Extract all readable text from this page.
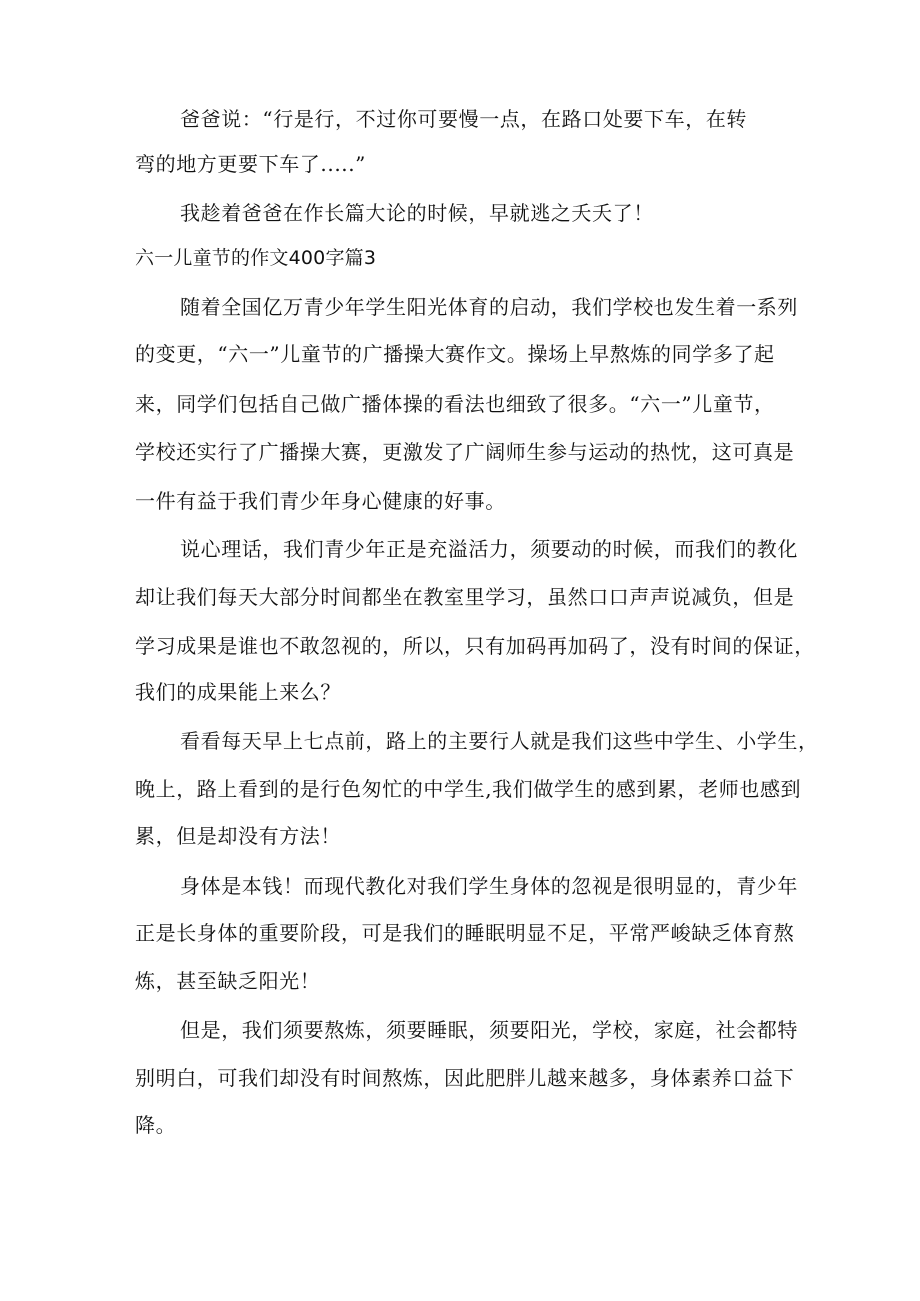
爸爸说：“行是行，不过你可要慢一点，在路口处要下车，在转
弯的地方更要下车了.....”
我趁着爸爸在作长篇大论的时候，早就逃之夭夭了！
六一儿童节的作文400字篇3
随着全国亿万青少年学生阳光体育的启动，我们学校也发生着一系列
的变更，“六一”儿童节的广播操大赛作文。操场上早熬炼的同学多了起
来，同学们包括自己做广播体操的看法也细致了很多。“六一”儿童节，
学校还实行了广播操大赛，更激发了广阔师生参与运动的热忱，这可真是
一件有益于我们青少年身心健康的好事。
说心理话，我们青少年正是充溢活力，须要动的时候，而我们的教化
却让我们每天大部分时间都坐在教室里学习，虽然口口声声说减负，但是
学习成果是谁也不敢忽视的，所以，只有加码再加码了，没有时间的保证，
我们的成果能上来么？
看看每天早上七点前，路上的主要行人就是我们这些中学生、小学生，
晚上，路上看到的是行色匆忙的中学生,我们做学生的感到累，老师也感到
累，但是却没有方法！
身体是本钱！而现代教化对我们学生身体的忽视是很明显的，青少年
正是长身体的重要阶段，可是我们的睡眠明显不足，平常严峻缺乏体育熬
炼，甚至缺乏阳光！
但是，我们须要熬炼，须要睡眠，须要阳光，学校，家庭，社会都特
别明白，可我们却没有时间熬炼，因此肥胖儿越来越多，身体素养口益下
降。
